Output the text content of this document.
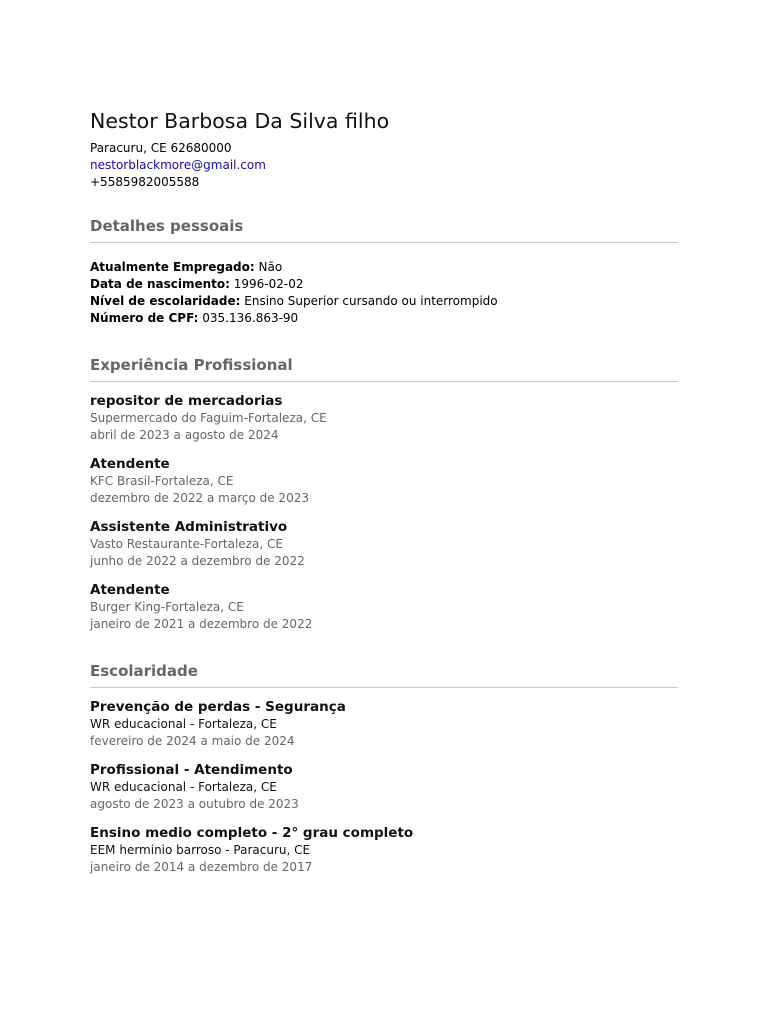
Nestor Barbosa Da Silva filho
Paracuru, CE 62680000
nestorblackmore@gmail.com
+5585982005588
Detalhes pessoais
Atualmente Empregado: Não
Data de nascimento: 1996-02-02
Nível de escolaridade: Ensino Superior cursando ou interrompido
Número de CPF: 035.136.863-90
Experiência Profissional
repositor de mercadorias
Supermercado do Faguim-Fortaleza, CE
abril de 2023 a agosto de 2024
Atendente
KFC Brasil-Fortaleza, CE
dezembro de 2022 a março de 2023
Assistente Administrativo
Vasto Restaurante-Fortaleza, CE
junho de 2022 a dezembro de 2022
Atendente
Burger King-Fortaleza, CE
janeiro de 2021 a dezembro de 2022
Escolaridade
Prevenção de perdas - Segurança
WR educacional - Fortaleza, CE
fevereiro de 2024 a maio de 2024
Profissional - Atendimento
WR educacional - Fortaleza, CE
agosto de 2023 a outubro de 2023
Ensino medio completo - 2° grau completo
EEM herminio barroso - Paracuru, CE
janeiro de 2014 a dezembro de 2017
